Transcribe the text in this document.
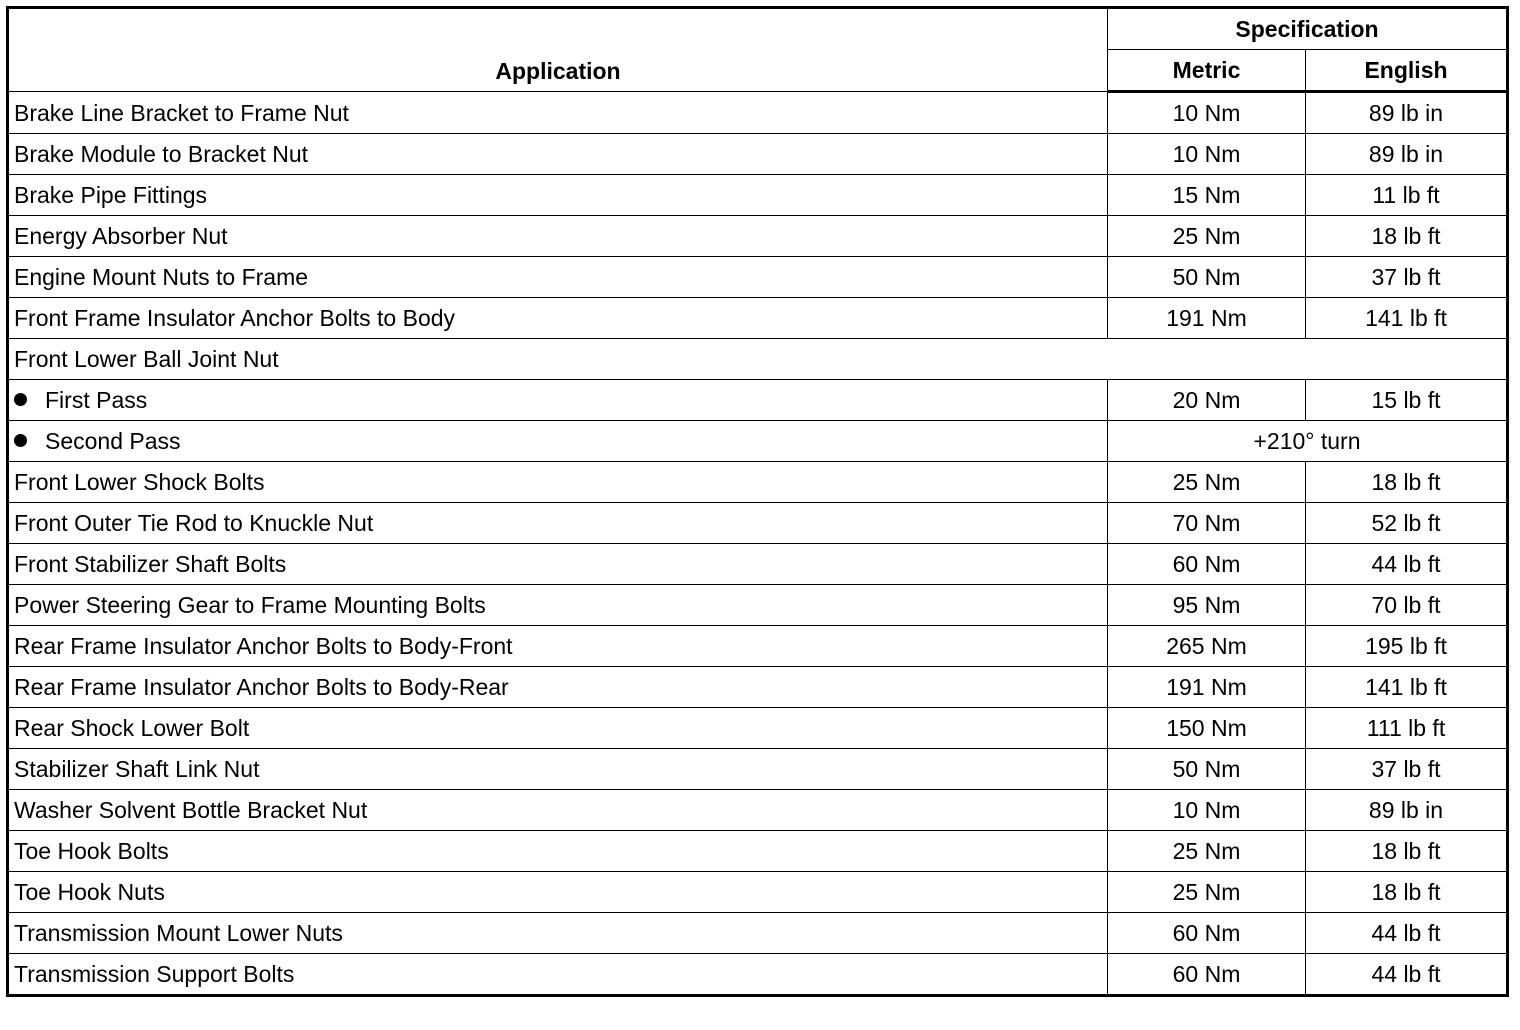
Application	Specification	
	Metric	English
Brake Line Bracket to Frame Nut	10 Nm	89 lb in
Brake Module to Bracket Nut	10 Nm	89 lb in
Brake Pipe Fittings	15 Nm	11 lb ft
Energy Absorber Nut	25 Nm	18 lb ft
Engine Mount Nuts to Frame	50 Nm	37 lb ft
Front Frame Insulator Anchor Bolts to Body	191 Nm	141 lb ft
Front Lower Ball Joint Nut		
First Pass	20 Nm	15 lb ft
Second Pass	+210° turn	
Front Lower Shock Bolts	25 Nm	18 lb ft
Front Outer Tie Rod to Knuckle Nut	70 Nm	52 lb ft
Front Stabilizer Shaft Bolts	60 Nm	44 lb ft
Power Steering Gear to Frame Mounting Bolts	95 Nm	70 lb ft
Rear Frame Insulator Anchor Bolts to Body-Front	265 Nm	195 lb ft
Rear Frame Insulator Anchor Bolts to Body-Rear	191 Nm	141 lb ft
Rear Shock Lower Bolt	150 Nm	111 lb ft
Stabilizer Shaft Link Nut	50 Nm	37 lb ft
Washer Solvent Bottle Bracket Nut	10 Nm	89 lb in
Toe Hook Bolts	25 Nm	18 lb ft
Toe Hook Nuts	25 Nm	18 lb ft
Transmission Mount Lower Nuts	60 Nm	44 lb ft
Transmission Support Bolts	60 Nm	44 lb ft
